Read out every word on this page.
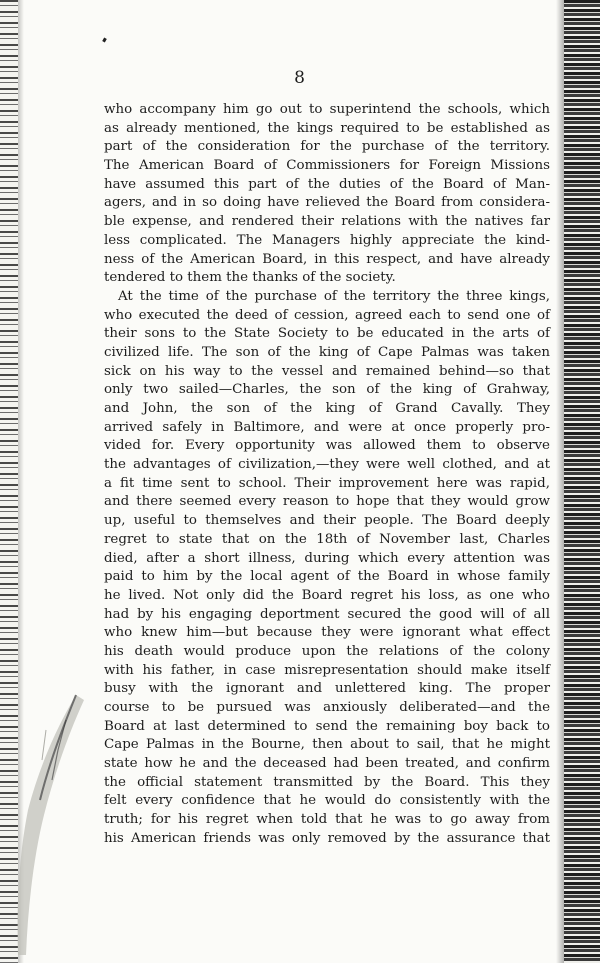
8
who accompany him go out to superintend the schools, which
as already mentioned, the kings required to be established as
part of the consideration for the purchase of the territory.
The American Board of Commissioners for Foreign Missions
have assumed this part of the duties of the Board of Man-
agers, and in so doing have relieved the Board from considera-
ble expense, and rendered their relations with the natives far
less complicated. The Managers highly appreciate the kind-
ness of the American Board, in this respect, and have already
tendered to them the thanks of the society.
At the time of the purchase of the territory the three kings,
who executed the deed of cession, agreed each to send one of
their sons to the State Society to be educated in the arts of
civilized life. The son of the king of Cape Palmas was taken
sick on his way to the vessel and remained behind—so that
only two sailed—Charles, the son of the king of Grahway,
and John, the son of the king of Grand Cavally. They
arrived safely in Baltimore, and were at once properly pro-
vided for. Every opportunity was allowed them to observe
the advantages of civilization,—they were well clothed, and at
a fit time sent to school. Their improvement here was rapid,
and there seemed every reason to hope that they would grow
up, useful to themselves and their people. The Board deeply
regret to state that on the 18th of November last, Charles
died, after a short illness, during which every attention was
paid to him by the local agent of the Board in whose family
he lived. Not only did the Board regret his loss, as one who
had by his engaging deportment secured the good will of all
who knew him—but because they were ignorant what effect
his death would produce upon the relations of the colony
with his father, in case misrepresentation should make itself
busy with the ignorant and unlettered king. The proper
course to be pursued was anxiously deliberated—and the
Board at last determined to send the remaining boy back to
Cape Palmas in the Bourne, then about to sail, that he might
state how he and the deceased had been treated, and confirm
the official statement transmitted by the Board. This they
felt every confidence that he would do consistently with the
truth; for his regret when told that he was to go away from
his American friends was only removed by the assurance that
